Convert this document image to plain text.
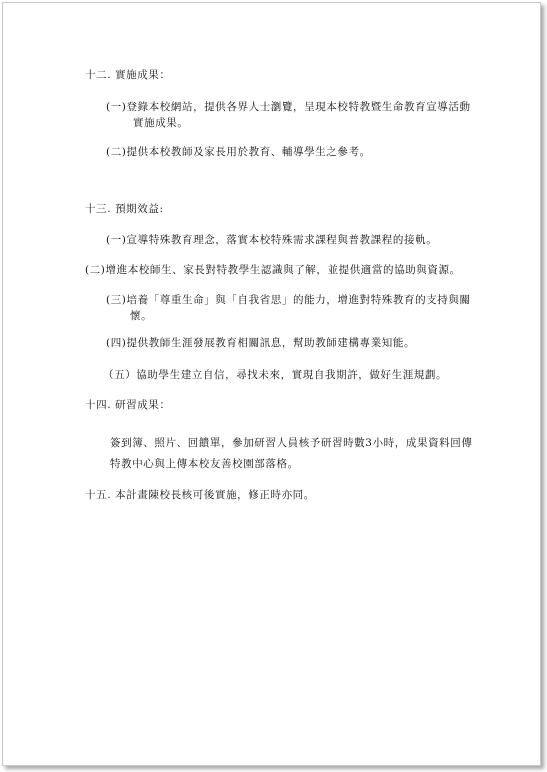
十二. 實施成果：
(一)登錄本校網站，提供各界人士瀏覽，呈現本校特教暨生命教育宣導活動
實施成果。
(二)提供本校教師及家長用於教育、輔導學生之參考。
十三. 預期效益:
(一)宣導特殊教育理念，落實本校特殊需求課程與普教課程的接軌。
(二)增進本校師生、家長對特教學生認識與了解，並提供適當的協助與資源。
(三)培養「尊重生命」與「自我省思」的能力，增進對特殊教育的支持與關
懷。
(四)提供教師生涯發展教育相關訊息，幫助教師建構專業知能。
（五）協助學生建立自信，尋找未來，實現自我期許，做好生涯規劃。
十四. 研習成果：
簽到簿、照片、回饋單，參加研習人員核予研習時數3小時，成果資料回傳
特教中心與上傳本校友善校園部落格。
十五. 本計畫陳校長核可後實施，修正時亦同。
